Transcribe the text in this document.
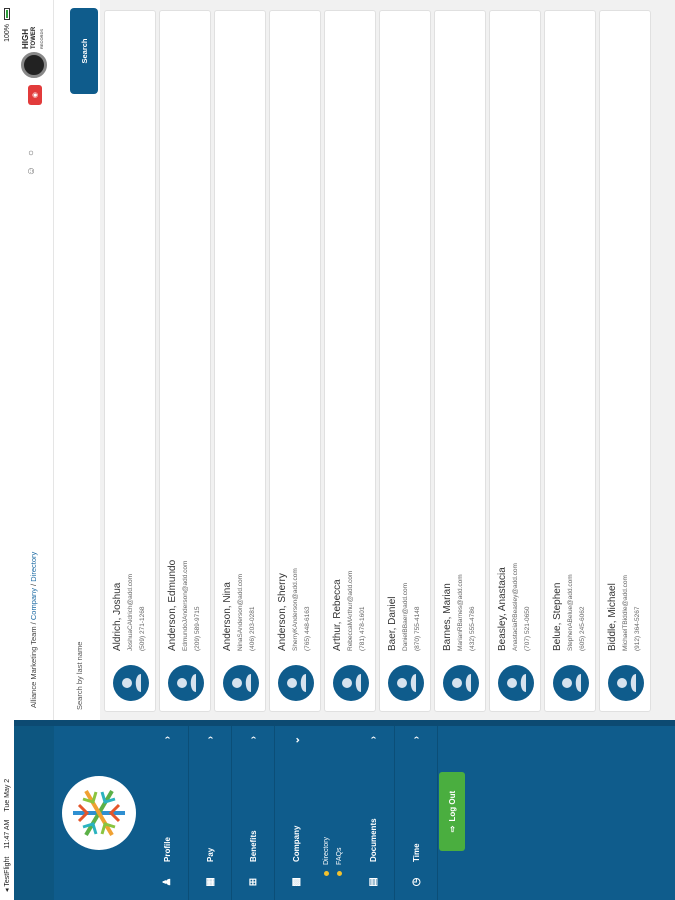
◂ TestFlight
11:47 AM
Tue May 2
100%
♟
Profile
›
▦
Pay
›
⊞
Benefits
›
▩
Company
⌄
Directory FAQs
▤
Documents
›
◷
Time
›
⇨
Log Out
Alliance Marketing Team / Company / Directory
☺
○
◉
HIGH TOWER RECORDS
Search by last name	Search
Aldrich, Joshua JoshuaCAldrich@add.com (509) 271-1268 Anderson, Edmundo EdmundoJAnderson@add.com (209) 589-9715 Anderson, Nina NinaSAnderson@add.com (406) 203-0281 Anderson, Sherry SherryKAnderson@add.com (765) 448-6163 Arthur, Rebecca RebeccaMArthur@add.com (781) 478-1601 Baer, Daniel DanielBBaer@add.com (870) 755-4148 Barnes, Marian MarianRBarnes@add.com (432) 555-4786 Beasley, Anastacia AnastaciaRBeasley@add.com (707) 521-0650 Belue, Stephen StephenABelue@add.com (605) 245-6062 Biddle, Michael MichaelTBiddle@add.com (912) 364-5267
